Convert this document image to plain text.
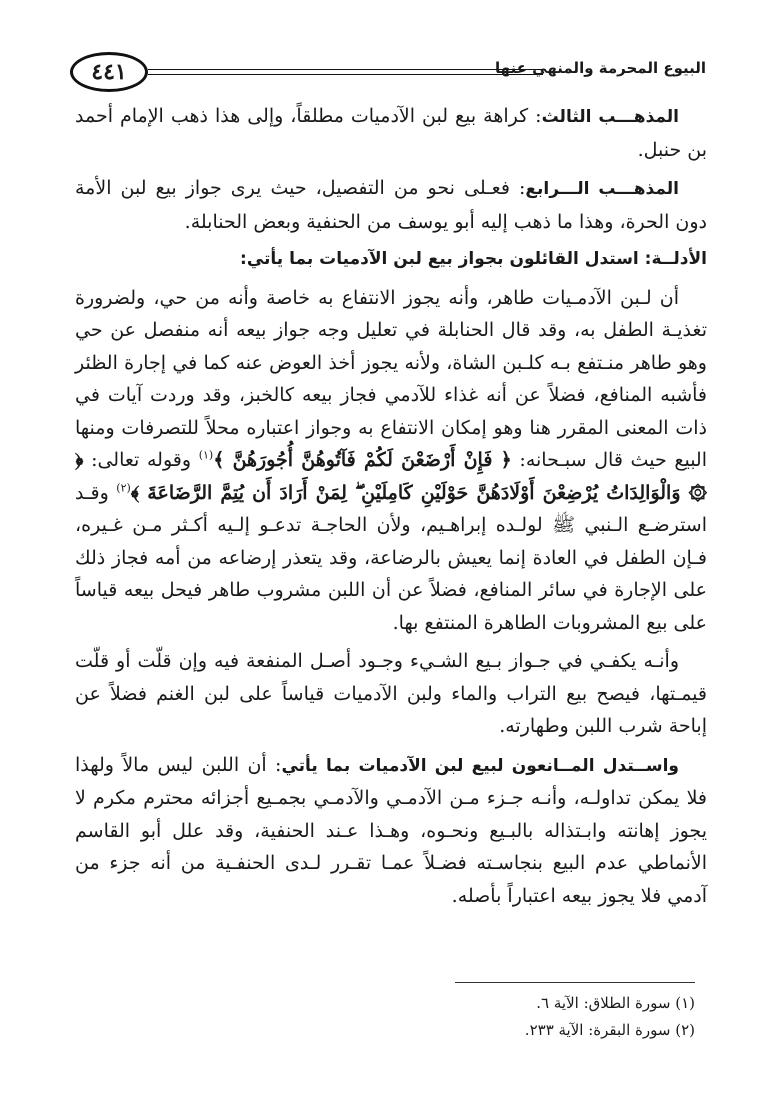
٤٤١	البيوع المحرمة والمنهي عنها

المذهـــب الثالث: كراهة بيع لبن الآدميات مطلقاً، وإلى هذا ذهب الإمام أحمد بن حنبل.

المذهـــب الـــرابع: فعـلى نحو من التفصيل، حيث يرى جواز بيع لبن الأمة دون الحرة، وهذا ما ذهب إليه أبو يوسف من الحنفية وبعض الحنابلة.

الأدلــة: استدل القائلون بجواز بيع لبن الآدميات بما يأتي:

أن لـبن الآدمـيات طاهر، وأنه يجوز الانتفاع به خاصة وأنه من حي، ولضرورة تغذيـة الطفل به، وقد قال الحنابلة في تعليل وجه جواز بيعه أنه منفصل عن حي وهو طاهر منـتفع بـه كلـبن الشاة، ولأنه يجوز أخذ العوض عنه كما في إجارة الظئر فأشبه المنافع، فضلاً عن أنه غذاء للآدمي فجاز بيعه كالخبز، وقد وردت آيات في ذات المعنى المقرر هنا وهو إمكان الانتفاع به وجواز اعتباره محلاً للتصرفات ومنها البيع حيث قال سبـحانه: ﴿ فَإِنْ أَرْضَعْنَ لَكُمْ فَآتُوهُنَّ أُجُورَهُنَّ ﴾$^{(١)}$ وقوله تعالى: ﴿ ۞ وَالْوَالِدَاتُ يُرْضِعْنَ أَوْلَادَهُنَّ حَوْلَيْنِ كَامِلَيْنِ ۖ لِمَنْ أَرَادَ أَن يُتِمَّ الرَّضَاعَةَ ﴾$^{(٢)}$ وقـد استرضـع الـنبي ﷺ لولـده إبراهـيم، ولأن الحاجـة تدعـو إلـيه أكـثر مـن غـيره، فـإن الطفل في العادة إنما يعيش بالرضاعة، وقد يتعذر إرضاعه من أمه فجاز ذلك على الإجارة في سائر المنافع، فضلاً عن أن اللبن مشروب طاهر فيحل بيعه قياساً على بيع المشروبات الطاهرة المنتفع بها.

وأنـه يكفـي في جـواز بـيع الشـيء وجـود أصـل المنفعة فيه وإن قلّت أو قلّت قيمـتها، فيصح بيع التراب والماء ولبن الآدميات قياساً على لبن الغنم فضلاً عن إباحة شرب اللبن وطهارته.

واســتدل المــانعون لبيع لبن الآدميات بما يأتي: أن اللبن ليس مالاً ولهذا فلا يمكن تداولـه، وأنـه جـزء مـن الآدمـي والآدمـي بجمـيع أجزائه محترم مكرم لا يجوز إهانته وابـتذاله بالبـيع ونحـوه، وهـذا عـند الحنفية، وقد علل أبو القاسم الأنماطي عدم البيع بنجاسـته فضـلاً عمـا تقـرر لـدى الحنفـية من أنه جزء من آدمي فلا يجوز بيعه اعتباراً بأصله.

(١) سورة الطلاق: الآية ٦.
(٢) سورة البقرة: الآية ٢٣٣.
